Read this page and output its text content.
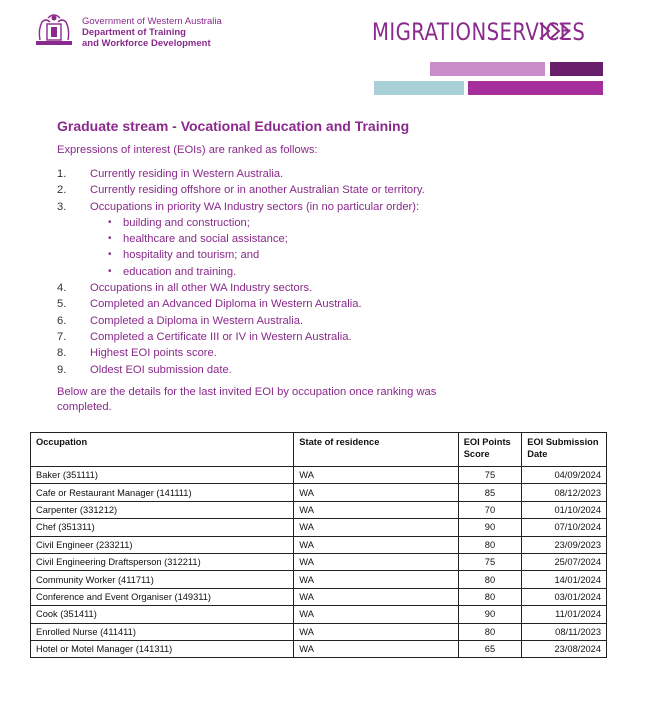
Government of Western Australia
Department of Training
and Workforce Development	MIGRATIONSERVICES
Graduate stream - Vocational Education and Training
Expressions of interest (EOIs) are ranked as follows:
1.	Currently residing in Western Australia.
2.	Currently residing offshore or in another Australian State or territory.
3.	Occupations in priority WA Industry sectors (in no particular order):
• building and construction;
• healthcare and social assistance;
• hospitality and tourism; and
• education and training.
4.	Occupations in all other WA Industry sectors.
5.	Completed an Advanced Diploma in Western Australia.
6.	Completed a Diploma in Western Australia.
7.	Completed a Certificate III or IV in Western Australia.
8.	Highest EOI points score.
9.	Oldest EOI submission date.
Below are the details for the last invited EOI by occupation once ranking was completed.
Occupation	State of residence	EOI Points Score	EOI Submission Date
Baker (351111)	WA	75	04/09/2024
Cafe or Restaurant Manager (141111)	WA	85	08/12/2023
Carpenter (331212)	WA	70	01/10/2024
Chef (351311)	WA	90	07/10/2024
Civil Engineer (233211)	WA	80	23/09/2023
Civil Engineering Draftsperson (312211)	WA	75	25/07/2024
Community Worker (411711)	WA	80	14/01/2024
Conference and Event Organiser (149311)	WA	80	03/01/2024
Cook (351411)	WA	90	11/01/2024
Enrolled Nurse (411411)	WA	80	08/11/2023
Hotel or Motel Manager (141311)	WA	65	23/08/2024
